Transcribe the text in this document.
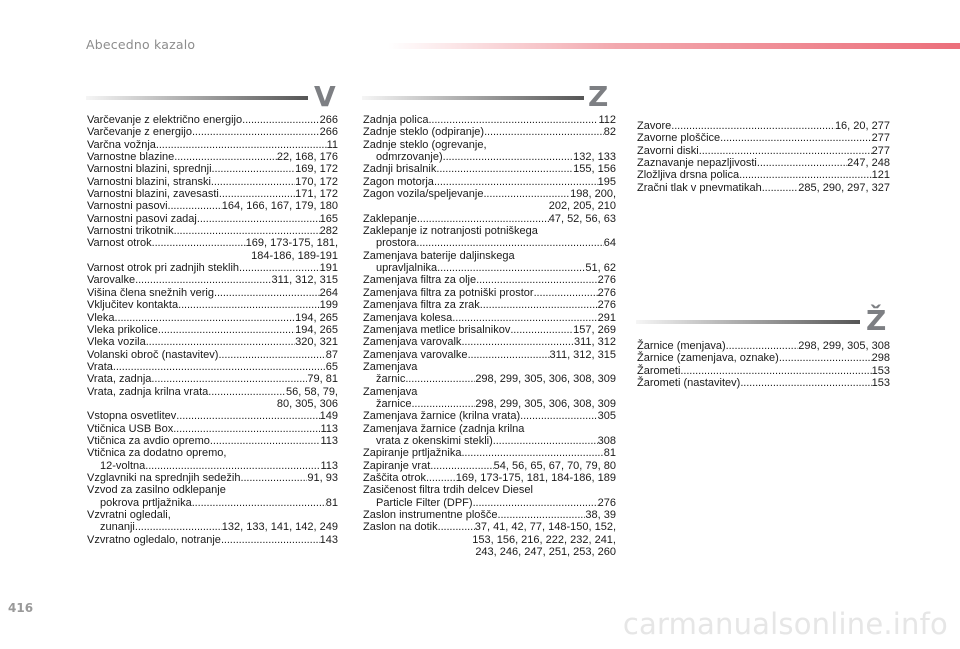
Abecedno kazalo
V	Z
Ž
Varčevanje z električno energijo .....	266
Varčevanje z energijo .....	266
Varčna vožnja .....	11
Varnostne blazine .....	22, 168, 176
Varnostni blazini, sprednji .....	169, 172
Varnostni blazini, stranski .....	170, 172
Varnostni blazini, zavesasti .....	171, 172
Varnostni pasovi .....	164, 166, 167, 179, 180
Varnostni pasovi zadaj .....	165
Varnostni trikotnik .....	282
Varnost otrok .....	169, 173-175, 181,
184-186, 189-191
Varnost otrok pri zadnjih steklih .....	191
Varovalke .....	311, 312, 315
Višina člena snežnih verig .....	264
Vključitev kontakta .....	199
Vleka .....	194, 265
Vleka prikolice .....	194, 265
Vleka vozila .....	320, 321
Volanski obroč (nastavitev) .....	87
Vrata .....	65
Vrata, zadnja .....	79, 81
Vrata, zadnja krilna vrata .....	56, 58, 79,
80, 305, 306
Vstopna osvetlitev .....	149
Vtičnica USB Box .....	113
Vtičnica za avdio opremo .....	113
Vtičnica za dodatno opremo,
12-voltna .....	113
Vzglavniki na sprednjih sedežih .....	91, 93
Vzvod za zasilno odklepanje
pokrova prtljažnika .....	81
Vzvratni ogledali,
zunanji .....	132, 133, 141, 142, 249
Vzvratno ogledalo, notranje .....	143
Zadnja polica .....	112
Zadnje steklo (odpiranje) .....	82
Zadnje steklo (ogrevanje,
odmrzovanje) .....	132, 133
Zadnji brisalnik .....	155, 156
Zagon motorja .....	195
Zagon vozila/speljevanje .....	198, 200,
202, 205, 210
Zaklepanje .....	47, 52, 56, 63
Zaklepanje iz notranjosti potniškega
prostora .....	64
Zamenjava baterije daljinskega
upravljalnika .....	51, 62
Zamenjava filtra za olje .....	276
Zamenjava filtra za potniški prostor .....	276
Zamenjava filtra za zrak .....	276
Zamenjava kolesa .....	291
Zamenjava metlice brisalnikov .....	157, 269
Zamenjava varovalk .....	311, 312
Zamenjava varovalke .....	311, 312, 315
Zamenjava
žarnic .....	298, 299, 305, 306, 308, 309
Zamenjava
žarnice .....	298, 299, 305, 306, 308, 309
Zamenjava žarnice (krilna vrata) .....	305
Zamenjava žarnice (zadnja krilna
vrata z okenskimi stekli) .....	308
Zapiranje prtljažnika .....	81
Zapiranje vrat .....	54, 56, 65, 67, 70, 79, 80
Zaščita otrok .....	169, 173-175, 181, 184-186, 189
Zasičenost filtra trdih delcev Diesel
Particle Filter (DPF) .....	276
Zaslon instrumentne plošče .....	38, 39
Zaslon na dotik .....	37, 41, 42, 77, 148-150, 152,
153, 156, 216, 222, 232, 241,
243, 246, 247, 251, 253, 260
Zavore .....	16, 20, 277
Zavorne ploščice .....	277
Zavorni diski .....	277
Zaznavanje nepazljivosti .....	247, 248
Zložljiva drsna polica .....	121
Zračni tlak v pnevmatikah .....	285, 290, 297, 327
Žarnice (menjava) .....	298, 299, 305, 308
Žarnice (zamenjava, oznake) .....	298
Žarometi .....	153
Žarometi (nastavitev) .....	153
416	carmanualsonline.info
